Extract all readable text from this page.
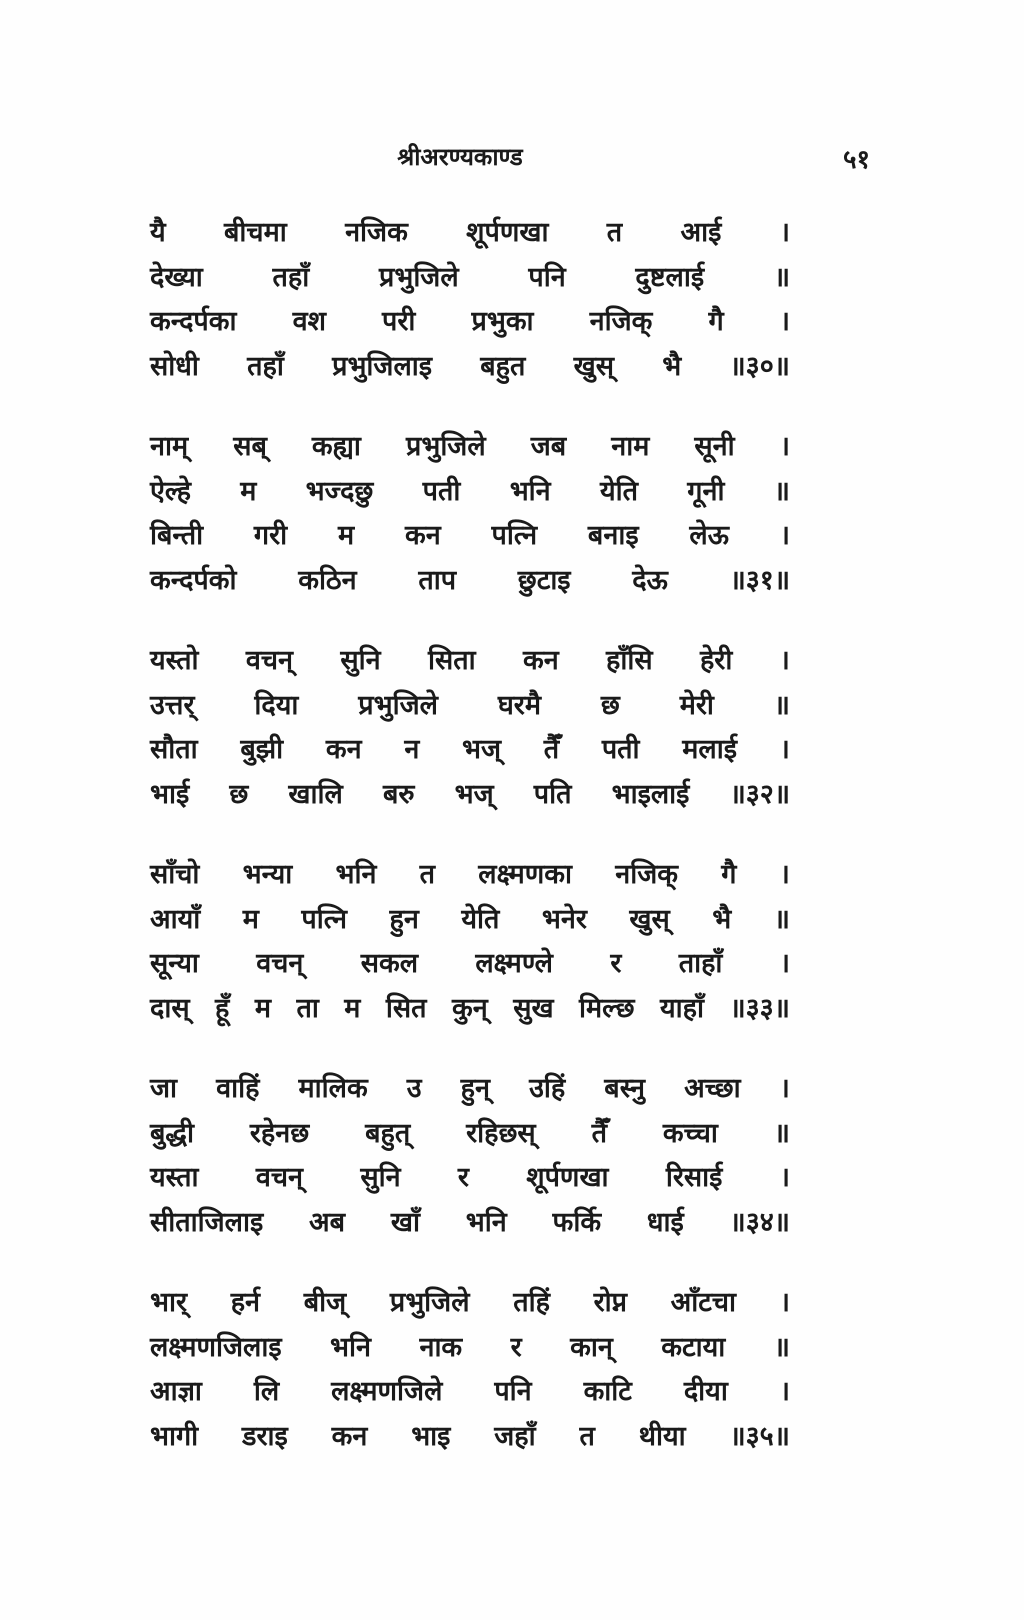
श्रीअरण्यकाण्ड	५१
यै बीचमा नजिक शूर्पणखा त आई ।
देख्या	तहाँ	प्रभुजिले	पनि	दुष्टलाई	॥
कन्दर्पका वश परी प्रभुका नजिक् गै ।
सोधी तहाँ प्रभुजिलाइ बहुत खुस् भै ॥३०॥
नाम् सब् कह्या प्रभुजिले जब नाम सूनी ।
ऐल्हे म भज्दछु पती भनि येति गूनी ॥
बिन्ती गरी म कन पत्नि बनाइ लेऊ ।
कन्दर्पको कठिन ताप छुटाइ देऊ ॥३१॥
यस्तो वचन् सुनि सिता कन हाँसि हेरी ।
उत्तर् दिया प्रभुजिले घरमै छ मेरी ॥
सौता बुझी कन न भज् तैँ पती मलाई ।
भाई छ खालि बरु भज् पति भाइलाई ॥३२॥
साँचो भन्या भनि त लक्ष्मणका नजिक् गै ।
आयाँ म पत्नि हुन येति भनेर खुस् भै ॥
सून्या वचन् सकल लक्ष्मण्ले र ताहाँ ।
दास् हूँ म ता म सित कुन् सुख मिल्छ याहाँ ॥३३॥
जा वाहिं मालिक उ हुन् उहिं बस्नु अच्छा ।
बुद्धी रहेनछ बहुत् रहिछस् तैँ कच्चा ॥
यस्ता वचन् सुनि र शूर्पणखा रिसाई ।
सीताजिलाइ अब खाँ भनि फर्कि धाई ॥३४॥
भार् हर्न बीज् प्रभुजिले तहिं रोप्न आँटचा ।
लक्ष्मणजिलाइ भनि नाक र कान् कटाया ॥
आज्ञा लि लक्ष्मणजिले पनि काटि दीया ।
भागी डराइ कन भाइ जहाँ त थीया ॥३५॥
